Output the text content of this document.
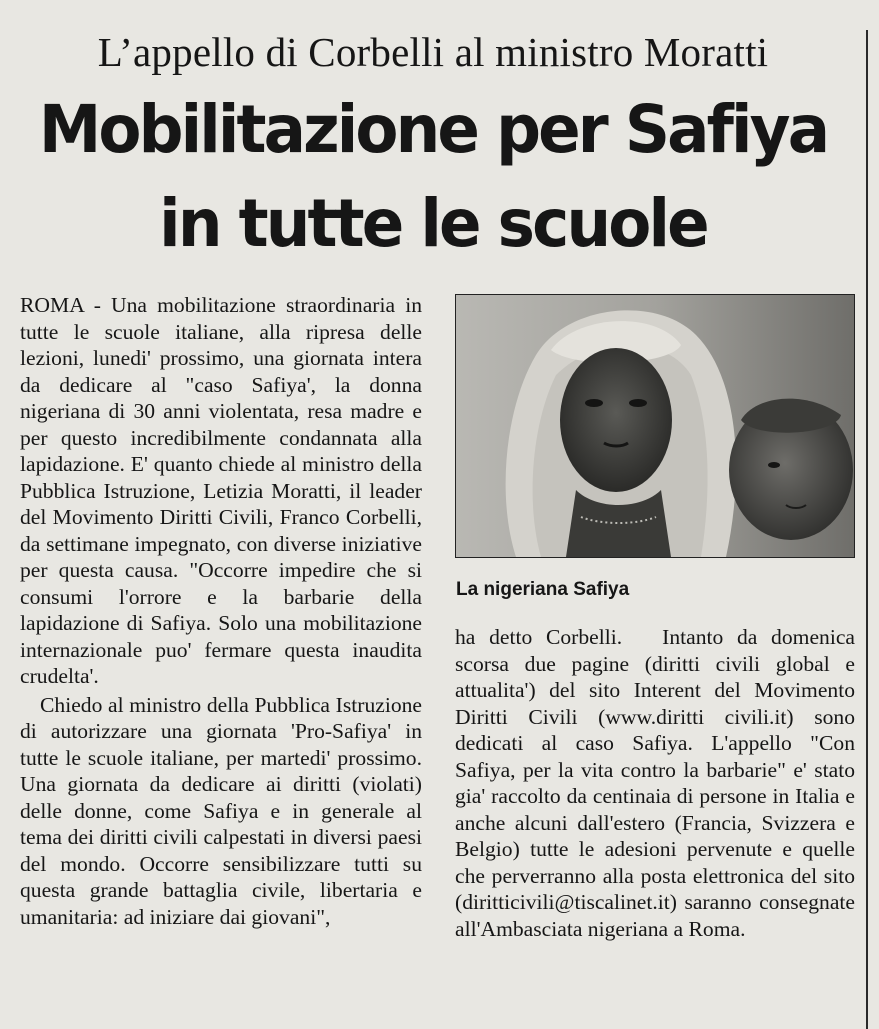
L’appello di Corbelli al ministro Moratti
Mobilitazione per Safiya
in tutte le scuole

ROMA - Una mobilitazione straordinaria in tutte le scuole italiane, alla ripresa delle lezioni, lunedi' prossimo, una giornata intera da dedicare al "caso Safiya', la donna nigeriana di 30 anni violentata, resa madre e per questo incredibilmente condannata alla lapidazione. E' quanto chiede al ministro della Pubblica Istruzione, Letizia Moratti, il leader del Movimento Diritti Civili, Franco Corbelli, da settimane impegnato, con diverse iniziative per questa causa. "Occorre impedire che si consumi l'orrore e la barbarie della lapidazione di Safiya. Solo una mobilitazione internazionale puo' fermare questa inaudita crudelta'.

Chiedo al ministro della Pubblica Istruzione di autorizzare una giornata 'Pro-Safiya' in tutte le scuole italiane, per martedi' prossimo. Una giornata da dedicare ai diritti (violati) delle donne, come Safiya e in generale al tema dei diritti civili calpestati in diversi paesi del mondo. Occorre sensibilizzare tutti su questa grande battaglia civile, libertaria e umanitaria: ad iniziare dai giovani",

La nigeriana Safiya

ha detto Corbelli. Intanto da domenica scorsa due pagine (diritti civili global e attualita') del sito Interent del Movimento Diritti Civili (www.diritti civili.it) sono dedicati al caso Safiya. L'appello "Con Safiya, per la vita contro la barbarie" e' stato gia' raccolto da centinaia di persone in Italia e anche alcuni dall'estero (Francia, Svizzera e Belgio) tutte le adesioni pervenute e quelle che perverranno alla posta elettronica del sito (diritticivili@tiscalinet.it) saranno consegnate all'Ambasciata nigeriana a Roma.
